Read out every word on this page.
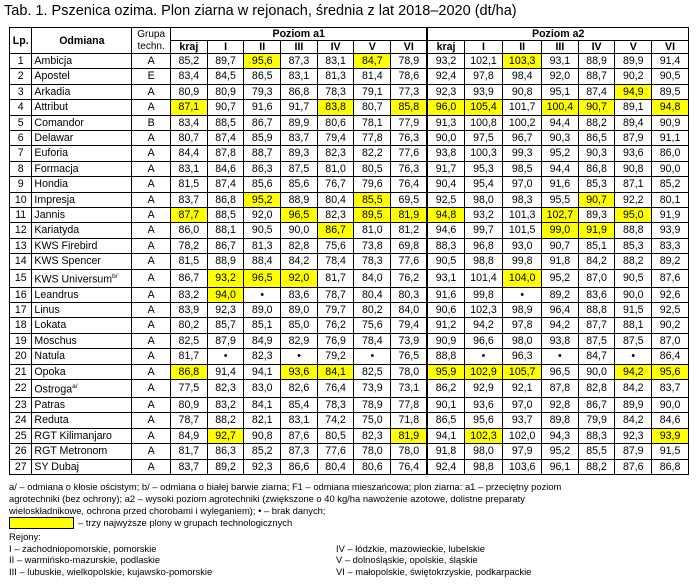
Tab. 1. Pszenica ozima. Plon ziarna w rejonach, średnia z lat 2018–2020 (dt/ha)
Lp.	Odmiana	Grupa techn.	Poziom a1							Poziom a2						
			kraj	I	II	III	IV	V	VI	kraj	I	II	III	IV	V	VI
1	Ambicja	A	85,2	89,7	95,6	87,3	83,1	84,7	78,9	93,2	102,1	103,3	93,1	88,9	89,9	91,4
2	Apostel	E	83,4	84,5	86,5	83,1	81,3	81,4	78,6	92,4	97,8	98,4	92,0	88,7	90,2	90,5
3	Arkadia	A	80,9	80,9	79,3	86,8	78,3	79,1	77,3	92,3	93,9	90,8	95,1	87,4	94,9	89,5
4	Attribut	A	87,1	90,7	91,6	91,7	83,8	80,7	85,8	96,0	105,4	101,7	100,4	90,7	89,1	94,8
5	Comandor	B	83,4	88,5	86,7	89,9	80,6	78,1	77,9	91,3	100,8	100,2	94,4	88,2	89,4	90,9
6	Delawar	A	80,7	87,4	85,9	83,7	79,4	77,8	76,3	90,0	97,5	96,7	90,3	86,5	87,9	91,1
7	Euforia	A	84,4	87,8	88,7	89,3	82,3	82,2	77,6	93,8	100,3	99,3	95,2	90,3	93,6	86,0
8	Formacja	A	83,1	84,6	86,3	87,5	81,0	80,5	76,3	91,7	95,3	98,5	94,4	86,8	90,8	90,0
9	Hondia	A	81,5	87,4	85,6	85,6	76,7	79,6	76,4	90,4	95,4	97,0	91,6	85,3	87,1	85,2
10	Impresja	A	83,7	86,8	95,2	88,9	80,4	85,5	69,5	92,5	98,0	98,3	95,5	90,7	92,2	80,1
11	Jannis	A	87,7	88,5	92,0	96,5	82,3	89,5	81,9	94,8	93,2	101,3	102,7	89,3	95,0	91,9
12	Kariatyda	A	86,0	88,1	90,5	90,0	86,7	81,0	81,2	94,6	99,7	101,5	99,0	91,9	88,8	93,9
13	KWS Firebird	A	78,2	86,7	81,3	82,8	75,6	73,8	69,8	88,3	96,8	93,0	90,7	85,1	85,3	83,3
14	KWS Spencer	A	81,5	88,9	88,4	84,2	78,4	78,3	77,6	90,5	98,8	99,8	91,8	84,2	88,2	89,2
15	KWS Universum$^{b/}$	A	86,7	93,2	96,5	92,0	81,7	84,0	76,2	93,1	101,4	104,0	95,2	87,0	90,5	87,6
16	Leandrus	A	83,2	94,0	•	83,6	78,7	80,4	80,3	91,6	99,8	•	89,2	83,6	90,0	92,6
17	Linus	A	83,9	92,3	89,0	89,0	79,7	80,2	84,0	90,6	102,3	98,9	96,4	88,8	91,5	92,5
18	Lokata	A	80,2	85,7	85,1	85,0	76,2	75,6	79,4	91,2	94,2	97,8	94,2	87,7	88,1	90,2
19	Moschus	A	82,5	87,9	84,9	82,9	76,9	78,4	73,9	90,9	96,6	98,0	93,8	87,5	87,5	87,0
20	Natula	A	81,7	•	82,3	•	79,2	•	76,5	88,8	•	96,3	•	84,7	•	86,4
21	Opoka	A	86,8	91,4	94,1	93,6	84,1	82,5	78,0	95,9	102,9	105,7	96,5	90,0	94,2	95,6
22	Ostroga$^{a/}$	A	77,5	82,3	83,0	82,6	76,4	73,9	73,1	86,2	92,9	92,1	87,8	82,8	84,2	83,7
23	Patras	A	80,9	83,2	84,1	85,4	78,3	78,9	77,8	90,1	93,6	97,0	92,8	86,7	89,9	90,0
24	Reduta	A	78,7	88,2	82,1	83,1	74,2	75,0	71,8	86,5	95,6	93,7	89,8	79,9	84,2	84,6
25	RGT Kilimanjaro	A	84,9	92,7	90,8	87,6	80,5	82,3	81,9	94,1	102,3	102,0	94,3	88,3	92,3	93,9
26	RGT Metronom	A	81,7	86,3	85,2	87,3	77,6	78,0	78,0	91,8	98,0	97,9	95,2	85,5	87,9	91,5
27	SY Dubaj	A	83,7	89,2	92,3	86,6	80,4	80,6	76,4	92,4	98,8	103,6	96,1	88,2	87,6	86,8
a/ – odmiana o kłosie ościstym; b/ – odmiana o białej barwie ziarna; F1 – odmiana mieszańcowa; plon ziarna: a1 – przeciętny poziom
agrotechniki (bez ochrony); a2 – wysoki poziom agrotechniki (zwiększone o 40 kg/ha nawożenie azotowe, dolistne preparaty
wieloskładnikowe, ochrona przed chorobami i wyleganiem); • – brak danych;
– trzy najwyższe plony w grupach technologicznych
Rejony:
I – zachodniopomorskie, pomorskie
II – warmińsko-mazurskie, podlaskie
III – lubuskie, wielkopolskie, kujawsko-pomorskie
IV – łódzkie, mazowieckie, lubelskie
V – dolnośląskie, opolskie, śląskie
VI – małopolskie, świętokrzyskie, podkarpackie
